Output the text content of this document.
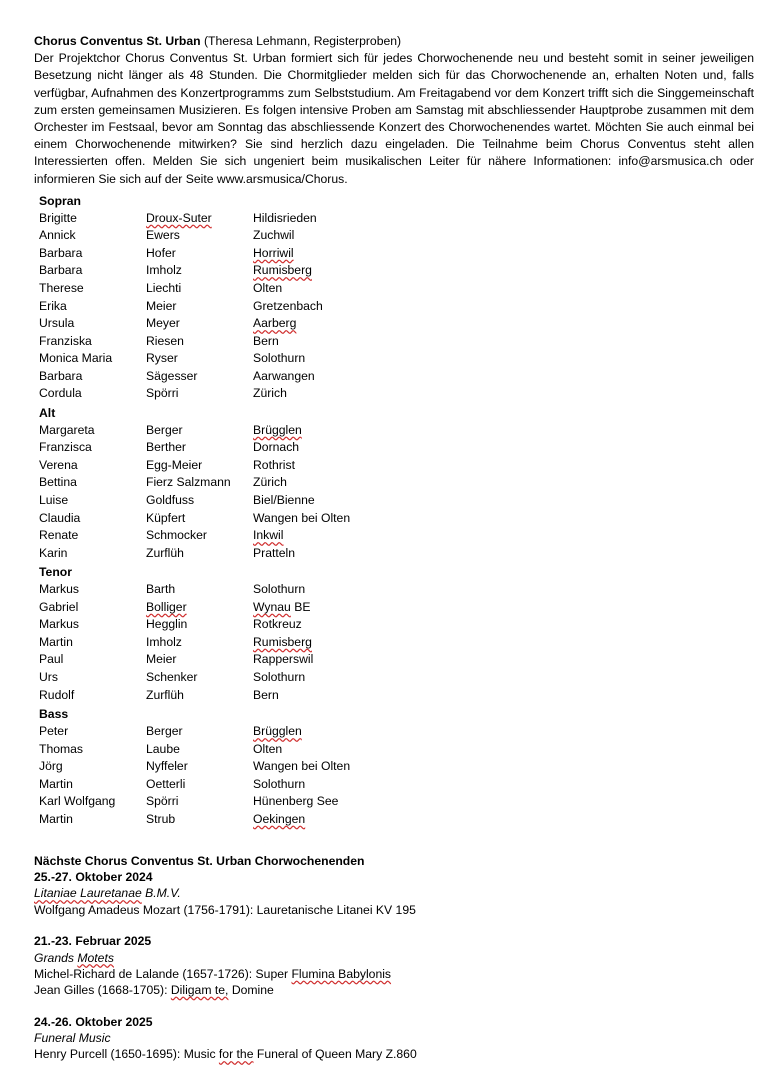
Chorus Conventus St. Urban (Theresa Lehmann, Registerproben)
Der Projektchor Chorus Conventus St. Urban formiert sich für jedes Chorwochenende neu und besteht somit in seiner jeweiligen Besetzung nicht länger als 48 Stunden. Die Chormitglieder melden sich für das Chorwochenende an, erhalten Noten und, falls verfügbar, Aufnahmen des Konzertprogramms zum Selbststudium. Am Freitagabend vor dem Konzert trifft sich die Singgemeinschaft zum ersten gemeinsamen Musizieren. Es folgen intensive Proben am Samstag mit abschliessender Hauptprobe zusammen mit dem Orchester im Festsaal, bevor am Sonntag das abschliessende Konzert des Chorwochenendes wartet. Möchten Sie auch einmal bei einem Chorwochenende mitwirken? Sie sind herzlich dazu eingeladen. Die Teilnahme beim Chorus Conventus steht allen Interessierten offen. Melden Sie sich ungeniert beim musikalischen Leiter für nähere Informationen: info@arsmusica.ch oder informieren Sie sich auf der Seite www.arsmusica/Chorus.

Sopran
Brigitte	Droux-Suter	Hildisrieden
Annick	Ewers	Zuchwil
Barbara	Hofer	Horriwil
Barbara	Imholz	Rumisberg
Therese	Liechti	Olten
Erika	Meier	Gretzenbach
Ursula	Meyer	Aarberg
Franziska	Riesen	Bern
Monica Maria	Ryser	Solothurn
Barbara	Sägesser	Aarwangen
Cordula	Spörri	Zürich
Alt
Margareta	Berger	Brügglen
Franzisca	Berther	Dornach
Verena	Egg-Meier	Rothrist
Bettina	Fierz Salzmann	Zürich
Luise	Goldfuss	Biel/Bienne
Claudia	Küpfert	Wangen bei Olten
Renate	Schmocker	Inkwil
Karin	Zurflüh	Pratteln
Tenor
Markus	Barth	Solothurn
Gabriel	Bolliger	Wynau BE
Markus	Hegglin	Rotkreuz
Martin	Imholz	Rumisberg
Paul	Meier	Rapperswil
Urs	Schenker	Solothurn
Rudolf	Zurflüh	Bern
Bass
Peter	Berger	Brügglen
Thomas	Laube	Olten
Jörg	Nyffeler	Wangen bei Olten
Martin	Oetterli	Solothurn
Karl Wolfgang	Spörri	Hünenberg See
Martin	Strub	Oekingen
Nächste Chorus Conventus St. Urban Chorwochenenden
25.-27. Oktober 2024
Litaniae Lauretanae B.M.V.
Wolfgang Amadeus Mozart (1756-1791): Lauretanische Litanei KV 195
21.-23. Februar 2025
Grands Motets
Michel-Richard de Lalande (1657-1726): Super Flumina Babylonis
Jean Gilles (1668-1705): Diligam te, Domine
24.-26. Oktober 2025
Funeral Music
Henry Purcell (1650-1695): Music for the Funeral of Queen Mary Z.860
